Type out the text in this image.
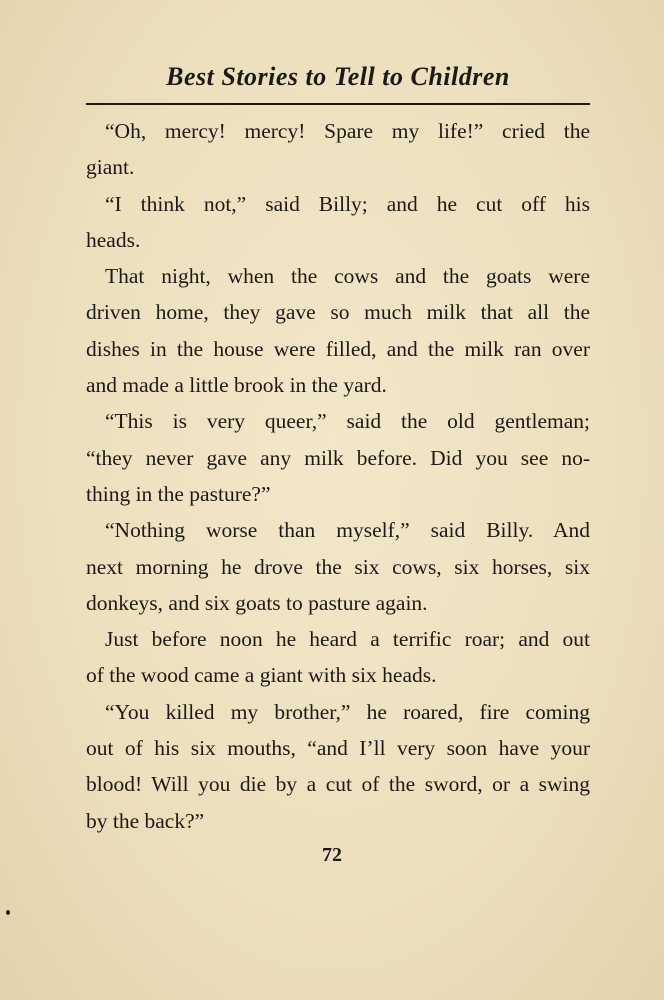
Best Stories to Tell to Children
“Oh, mercy! mercy! Spare my life!” cried the
giant.
“I think not,” said Billy; and he cut off his
heads.
That night, when the cows and the goats were
driven home, they gave so much milk that all the
dishes in the house were filled, and the milk ran over
and made a little brook in the yard.
“This is very queer,” said the old gentleman;
“they never gave any milk before. Did you see no-
thing in the pasture?”
“Nothing worse than myself,” said Billy. And
next morning he drove the six cows, six horses, six
donkeys, and six goats to pasture again.
Just before noon he heard a terrific roar; and out
of the wood came a giant with six heads.
“You killed my brother,” he roared, fire coming
out of his six mouths, “and I’ll very soon have your
blood! Will you die by a cut of the sword, or a swing
by the back?”
72
